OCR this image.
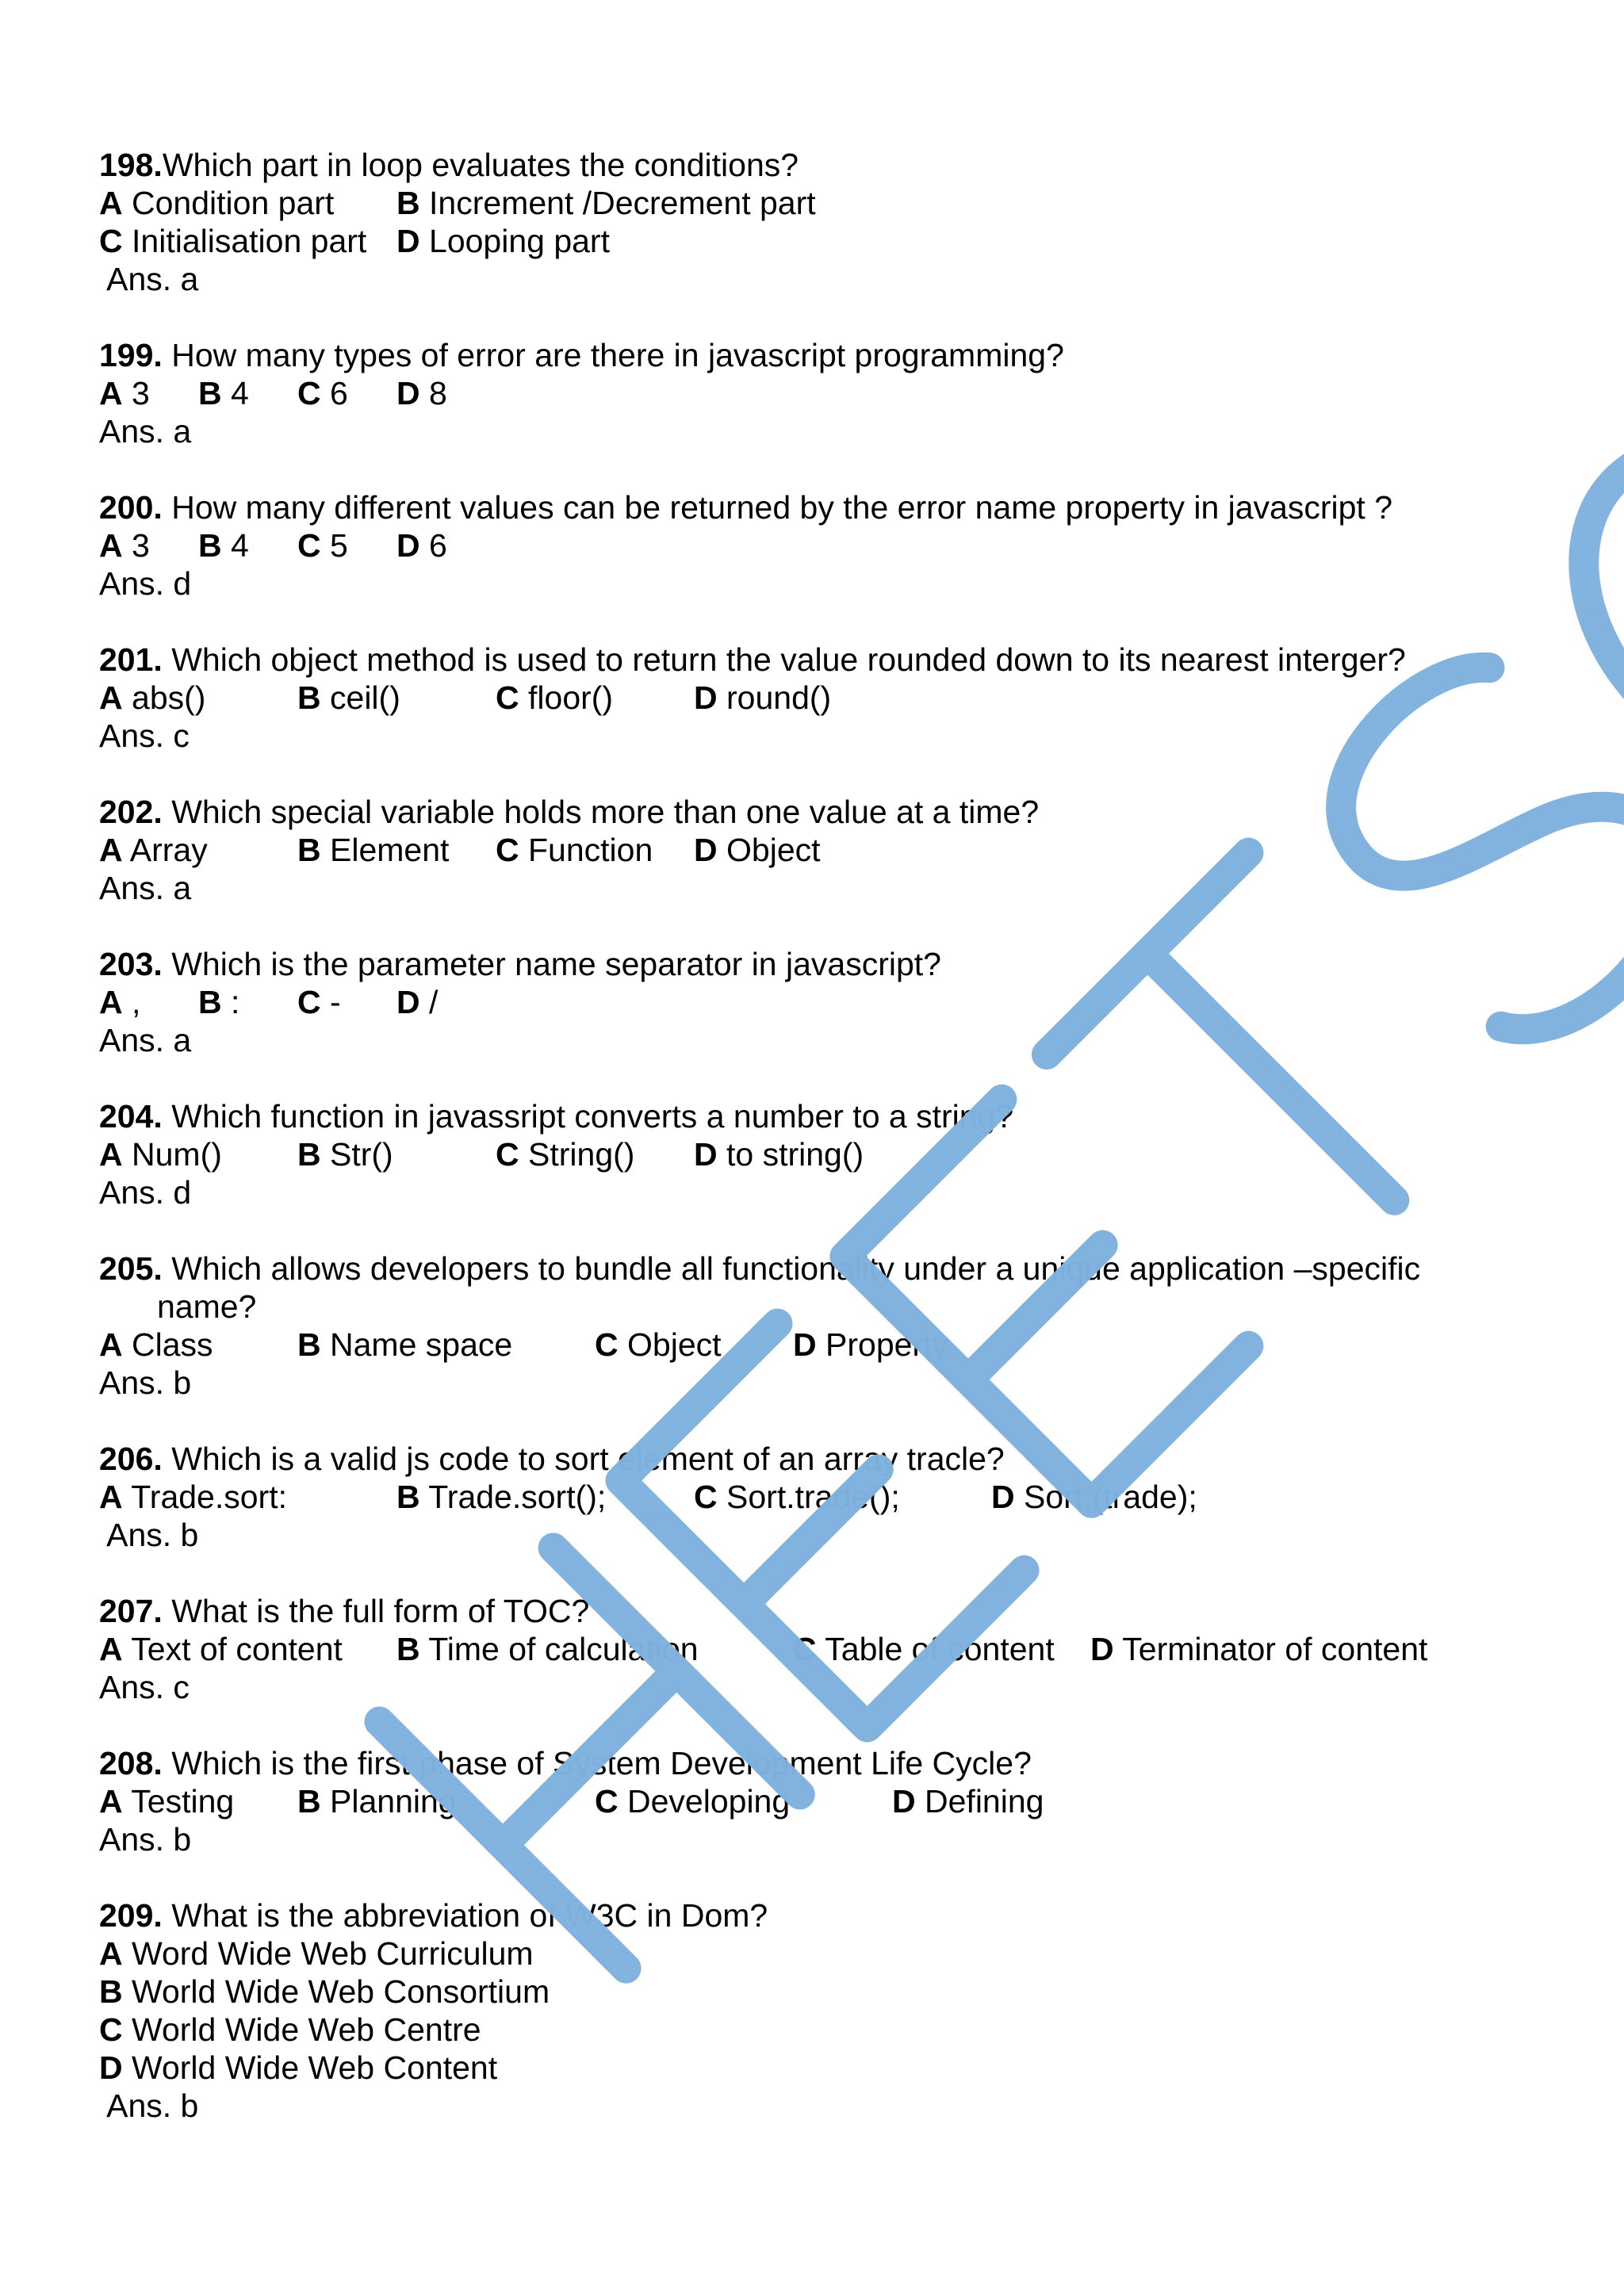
198.Which part in loop evaluates the conditions?
A Condition part B Increment /Decrement part
C Initialisation part D Looping part
Ans. a
199. How many types of error are there in javascript programming?
A 3 B 4 C 6 D 8
Ans. a
200. How many different values can be returned by the error name property in javascript ?
A 3 B 4 C 5 D 6
Ans. d
201. Which object method is used to return the value rounded down to its nearest interger?
A abs()	B ceil()	C floor() D round()
Ans. c
202. Which special variable holds more than one value at a time?
A Array	B Element C Function D Object
Ans. a
203. Which is the parameter name separator in javascript?
A , B : C - D /
Ans. a
204. Which function in javassript converts a number to a string?
A Num() B Str()	C String() D to string()
Ans. d
205. Which allows developers to bundle all functionality under a unique application –specific
name?
A Class	B Name space	C Object D Property
Ans. b
206. Which is a valid js code to sort element of an array tracle?
A Trade.sort:	B Trade.sort();	C Sort.trade();	D Sort.(trade);
Ans. b
207. What is the full form of TOC?
A Text of content B Time of calculation	C Table of content D Terminator of content
Ans. c
208. Which is the first phase of System Development Life Cycle?
A Testing B Planning	C Developing	D Defining
Ans. b
209. What is the abbreviation of W3C in Dom?
A Word Wide Web Curriculum
B World Wide Web Consortium
C World Wide Web Centre
D World Wide Web Content
Ans. b
